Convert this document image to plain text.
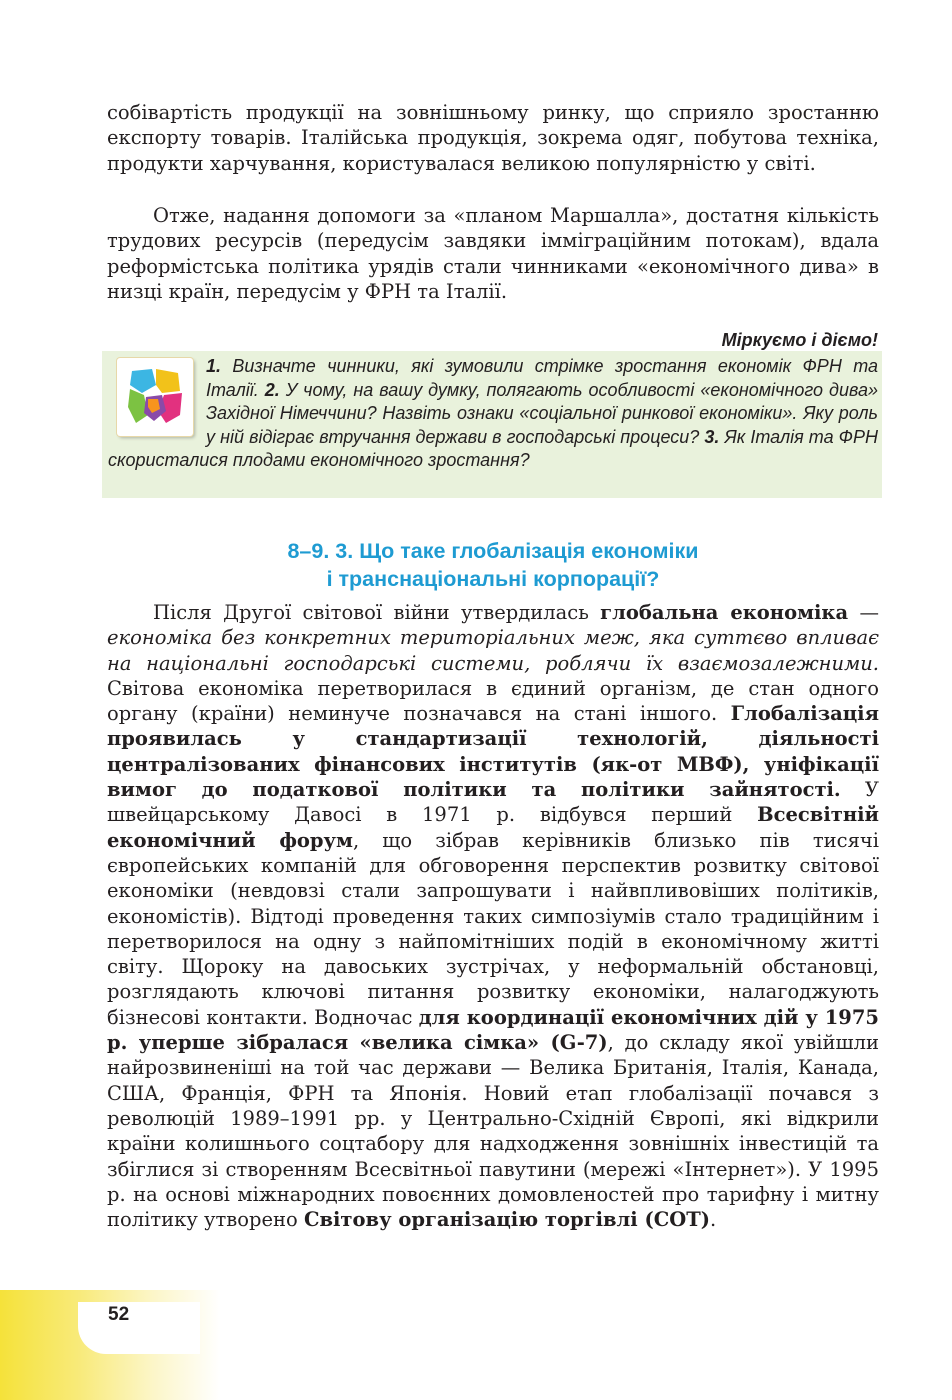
собівартість продукції на зовнішньому ринку, що сприяло зростанню експорту товарів. Італійська продукція, зокрема одяг, побутова техніка, продукти харчування, користувалася великою популярністю у світі.

Отже, надання допомоги за «планом Маршалла», достатня кількість трудових ресурсів (передусім завдяки імміграційним потокам), вдала реформістська політика урядів стали чинниками «економічного дива» в низці країн, передусім у ФРН та Італії.

Міркуємо і діємо!
1. Визначте чинники, які зумовили стрімке зростання економік ФРН та Італії. 2. У чому, на вашу думку, полягають особливості «економічного дива» Західної Німеччини? Назвіть ознаки «соціальної ринкової економіки». Яку роль у ній відіграє втручання держави в господарські процеси? 3. Як Італія та ФРН скористалися плодами економічного зростання?
8–9. 3. Що таке глобалізація економіки
і транснаціональні корпорації?

Після Другої світової війни утвердилась глобальна економіка — економіка без конкретних територіальних меж, яка суттєво впливає на національні господарські системи, роблячи їх взаємозалежними. Світова економіка перетворилася в єдиний організм, де стан одного органу (країни) неминуче позначався на стані іншого. Глобалізація проявилась у стандартизації технологій, діяльності централізованих фінансових інститутів (як-от МВФ), уніфікації вимог до податкової політики та політики зайнятості. У швейцарському Давосі в 1971 р. відбувся перший Всесвітній економічний форум, що зібрав керівників близько пів тисячі європейських компаній для обговорення перспектив розвитку світової економіки (невдовзі стали запрошувати і найвпливовіших політиків, економістів). Відтоді проведення таких симпозіумів стало традиційним і перетворилося на одну з найпомітніших подій в економічному житті світу. Щороку на давоських зустрічах, у неформальній обстановці, розглядають ключові питання розвитку економіки, налагоджують бізнесові контакти. Водночас для координації економічних дій у 1975 р. уперше зібралася «велика сімка» (G-7), до складу якої увійшли найрозвиненіші на той час держави — Велика Британія, Італія, Канада, США, Франція, ФРН та Японія. Новий етап глобалізації почався з революцій 1989–1991 рр. у Центрально-Східній Європі, які відкрили країни колишнього соцтабору для надходження зовнішніх інвестицій та збіглися зі створенням Всесвітньої павутини (мережі «Інтернет»). У 1995 р. на основі міжнародних повоєнних домовленостей про тарифну і митну політику утворено Світову організацію торгівлі (СОТ).

52
